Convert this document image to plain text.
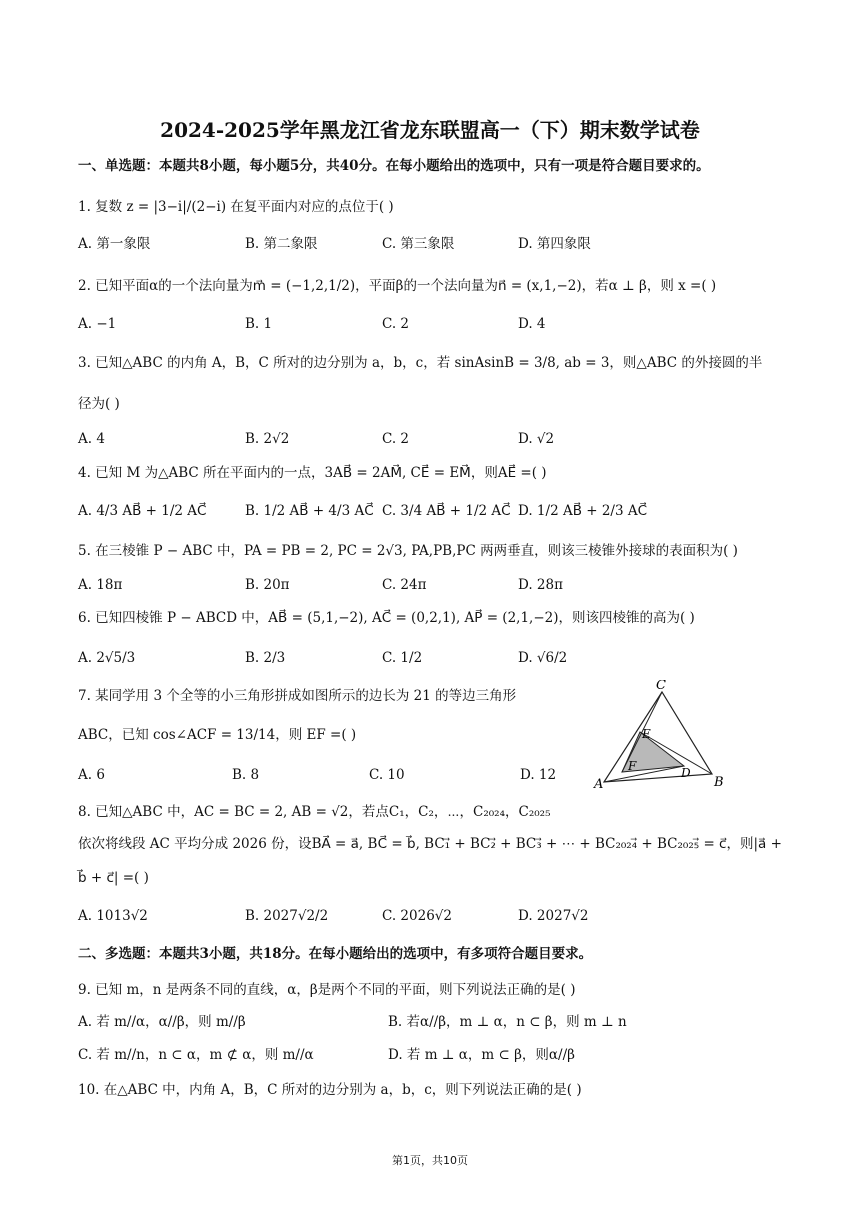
2024-2025学年黑龙江省龙东联盟高一（下）期末数学试卷
一、单选题：本题共8小题，每小题5分，共40分。在每小题给出的选项中，只有一项是符合题目要求的。
1. 复数 z = |3−i|/(2−i) 在复平面内对应的点位于( )
A. 第一象限	B. 第二象限	C. 第三象限	D. 第四象限
2. 已知平面α的一个法向量为m⃗ = (−1,2,1/2)，平面β的一个法向量为n⃗ = (x,1,−2)，若α ⊥ β，则 x =( )
A. −1	B. 1	C. 2	D. 4
3. 已知△ABC 的内角 A，B，C 所对的边分别为 a，b，c，若 sinAsinB = 3/8, ab = 3，则△ABC 的外接圆的半
径为( )
A. 4	B. 2√2	C. 2	D. √2
4. 已知 M 为△ABC 所在平面内的一点，3AB⃗ = 2AM⃗, CE⃗ = EM⃗，则AE⃗ =( )
A. 4/3 AB⃗ + 1/2 AC⃗	B. 1/2 AB⃗ + 4/3 AC⃗ C. 3/4 AB⃗ + 1/2 AC⃗ D. 1/2 AB⃗ + 2/3 AC⃗
5. 在三棱锥 P − ABC 中，PA = PB = 2, PC = 2√3, PA,PB,PC 两两垂直，则该三棱锥外接球的表面积为( )
A. 18π	B. 20π	C. 24π	D. 28π
6. 已知四棱锥 P − ABCD 中，AB⃗ = (5,1,−2), AC⃗ = (0,2,1), AP⃗ = (2,1,−2)，则该四棱锥的高为( )
A. 2√5/3	B. 2/3	C. 1/2	D. √6/2
7. 某同学用 3 个全等的小三角形拼成如图所示的边长为 21 的等边三角形
ABC，已知 cos∠ACF = 13/14，则 EF =( )
A. 6	B. 8	C. 10	D. 12
C
E
F	D
A	B
8. 已知△ABC 中，AC = BC = 2, AB = √2，若点C₁，C₂，⋯，C₂₀₂₄，C₂₀₂₅
依次将线段 AC 平均分成 2026 份，设BA⃗ = a⃗, BC⃗ = b⃗, BC₁⃗ + BC₂⃗ + BC₃⃗ + ⋯ + BC₂₀₂₄⃗ + BC₂₀₂₅⃗ = c⃗，则|a⃗ +
b⃗ + c⃗| =( )
A. 1013√2	B. 2027√2/2	C. 2026√2	D. 2027√2
二、多选题：本题共3小题，共18分。在每小题给出的选项中，有多项符合题目要求。
9. 已知 m，n 是两条不同的直线，α，β是两个不同的平面，则下列说法正确的是( )
A. 若 m//α，α//β，则 m//β	B. 若α//β，m ⊥ α，n ⊂ β，则 m ⊥ n
C. 若 m//n，n ⊂ α，m ⊄ α，则 m//α	D. 若 m ⊥ α，m ⊂ β，则α//β
10. 在△ABC 中，内角 A，B，C 所对的边分别为 a，b，c，则下列说法正确的是( )
第1页，共10页
